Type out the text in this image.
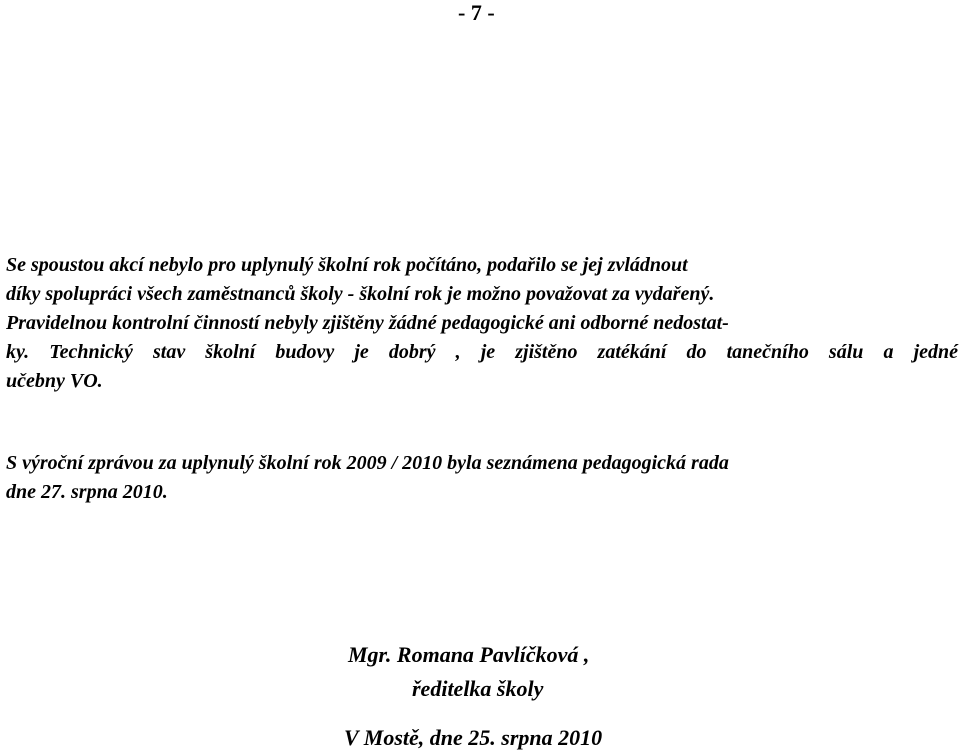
- 7 -
Se spoustou akcí nebylo pro uplynulý školní rok počítáno, podařilo se jej zvládnout
díky spolupráci všech zaměstnanců školy - školní rok je možno považovat za vydařený.
Pravidelnou kontrolní činností nebyly zjištěny žádné pedagogické ani odborné nedostat-
ky. Technický stav školní budovy je dobrý , je zjištěno zatékání do tanečního sálu a jedné
učebny VO.
S výroční zprávou za uplynulý školní rok 2009 / 2010 byla seznámena pedagogická rada
dne 27. srpna 2010.
Mgr. Romana Pavlíčková ,
ředitelka školy
V Mostě, dne 25. srpna 2010
